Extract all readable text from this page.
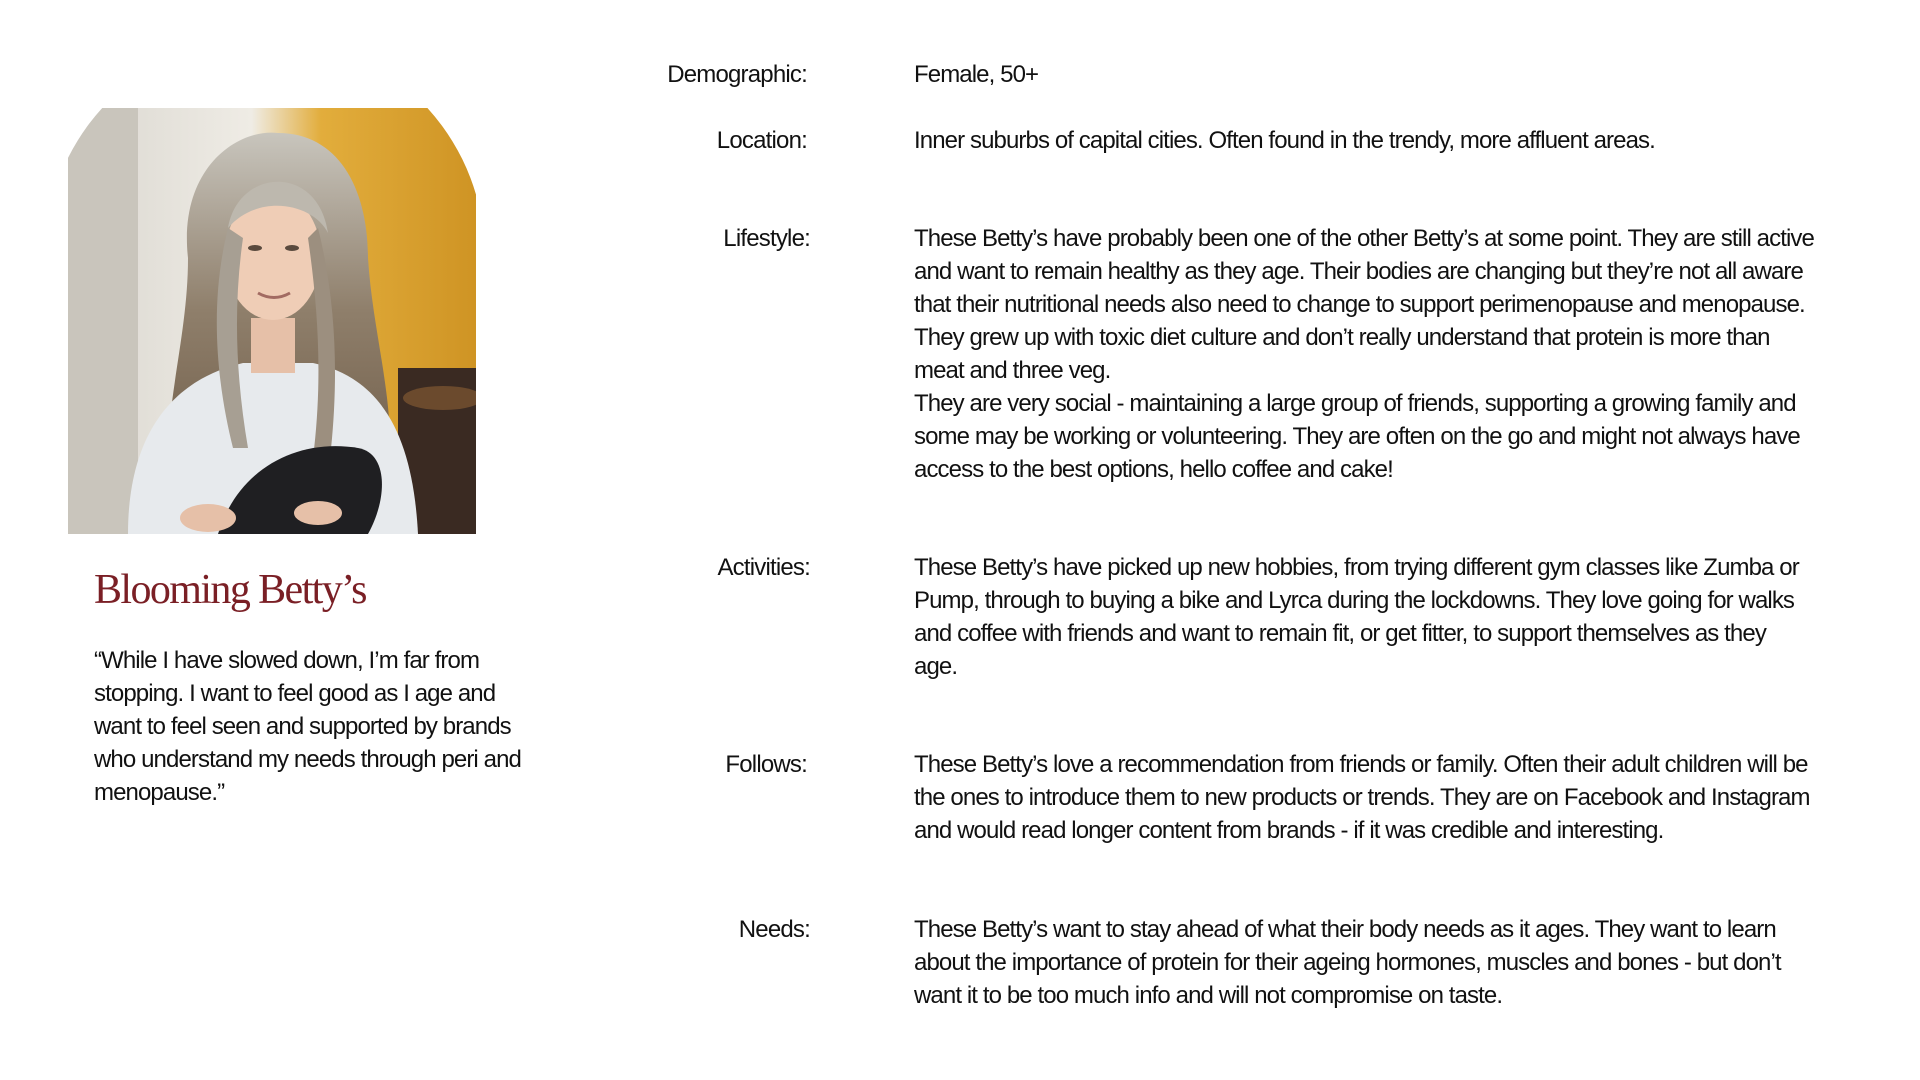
Blooming Betty’s
“While I have slowed down, I’m far from stopping. I want to feel good as I age and want to feel seen and supported by brands who understand my needs through peri and menopause.”
Demographic:	Female, 50+
Location:	Inner suburbs of capital cities. Often found in the trendy, more affluent areas.
Lifestyle:	These Betty’s have probably been one of the other Betty’s at some point. They are still active and want to remain healthy as they age. Their bodies are changing but they’re not all aware that their nutritional needs also need to change to support perimenopause and menopause. They grew up with toxic diet culture and don’t really understand that protein is more than meat and three veg.
They are very social - maintaining a large group of friends, supporting a growing family and some may be working or volunteering. They are often on the go and might not always have access to the best options, hello coffee and cake!
Activities:	These Betty’s have picked up new hobbies, from trying different gym classes like Zumba or Pump, through to buying a bike and Lyrca during the lockdowns. They love going for walks and coffee with friends and want to remain fit, or get fitter, to support themselves as they age.
Follows:	These Betty’s love a recommendation from friends or family. Often their adult children will be the ones to introduce them to new products or trends. They are on Facebook and Instagram and would read longer content from brands - if it was credible and interesting.
Needs:	These Betty’s want to stay ahead of what their body needs as it ages. They want to learn about the importance of protein for their ageing hormones, muscles and bones - but don’t want it to be too much info and will not compromise on taste.
